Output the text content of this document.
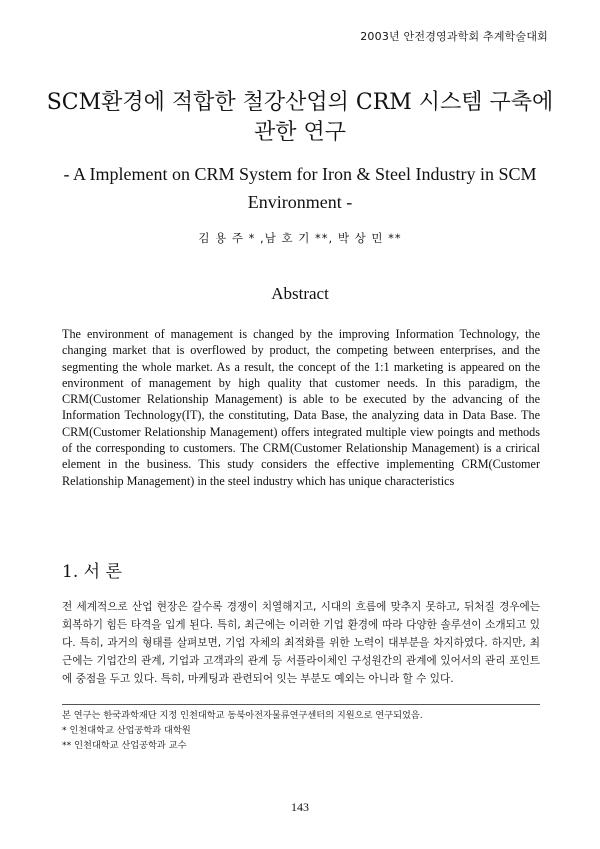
2003년 안전경영과학회 추계학술대회
SCM환경에 적합한 철강산업의 CRM 시스템 구축에 관한 연구
- A Implement on CRM System for Iron & Steel Industry in SCM Environment -
김 용 주 * ,남 호 기 **, 박 상 민 **
Abstract
The environment of management is changed by the improving Information Technology, the changing market that is overflowed by product, the competing between enterprises, and the segmenting the whole market. As a result, the concept of the 1:1 marketing is appeared on the environment of management by high quality that customer needs. In this paradigm, the CRM(Customer Relationship Management) is able to be executed by the advancing of the Information Technology(IT), the constituting, Data Base, the analyzing data in Data Base. The CRM(Customer Relationship Management) offers integrated multiple view poingts and methods of the corresponding to customers. The CRM(Customer Relationship Management) is a crirical element in the business. This study considers the effective implementing CRM(Customer Relationship Management) in the steel industry which has unique characteristics
1. 서 론
전 세계적으로 산업 현장은 갈수록 경쟁이 치열해지고, 시대의 흐름에 맞추지 못하고, 뒤처질 경우에는 회복하기 힘든 타격을 입게 된다. 특히, 최근에는 이러한 기업 환경에 따라 다양한 솔루션이 소개되고 있다. 특히, 과거의 형태를 살펴보면, 기업 자체의 최적화를 위한 노력이 대부분을 차지하였다. 하지만, 최근에는 기업간의 관계, 기업과 고객과의 관계 등 서플라이체인 구성원간의 관계에 있어서의 관리 포인트에 중점을 두고 있다. 특히, 마케팅과 관련되어 잇는 부분도 예외는 아니라 할 수 있다.
본 연구는 한국과학재단 지정 인천대학교 동북아전자물류연구센터의 지원으로 연구되었음.
* 인천대학교 산업공학과 대학원
** 인천대학교 산업공학과 교수
143
